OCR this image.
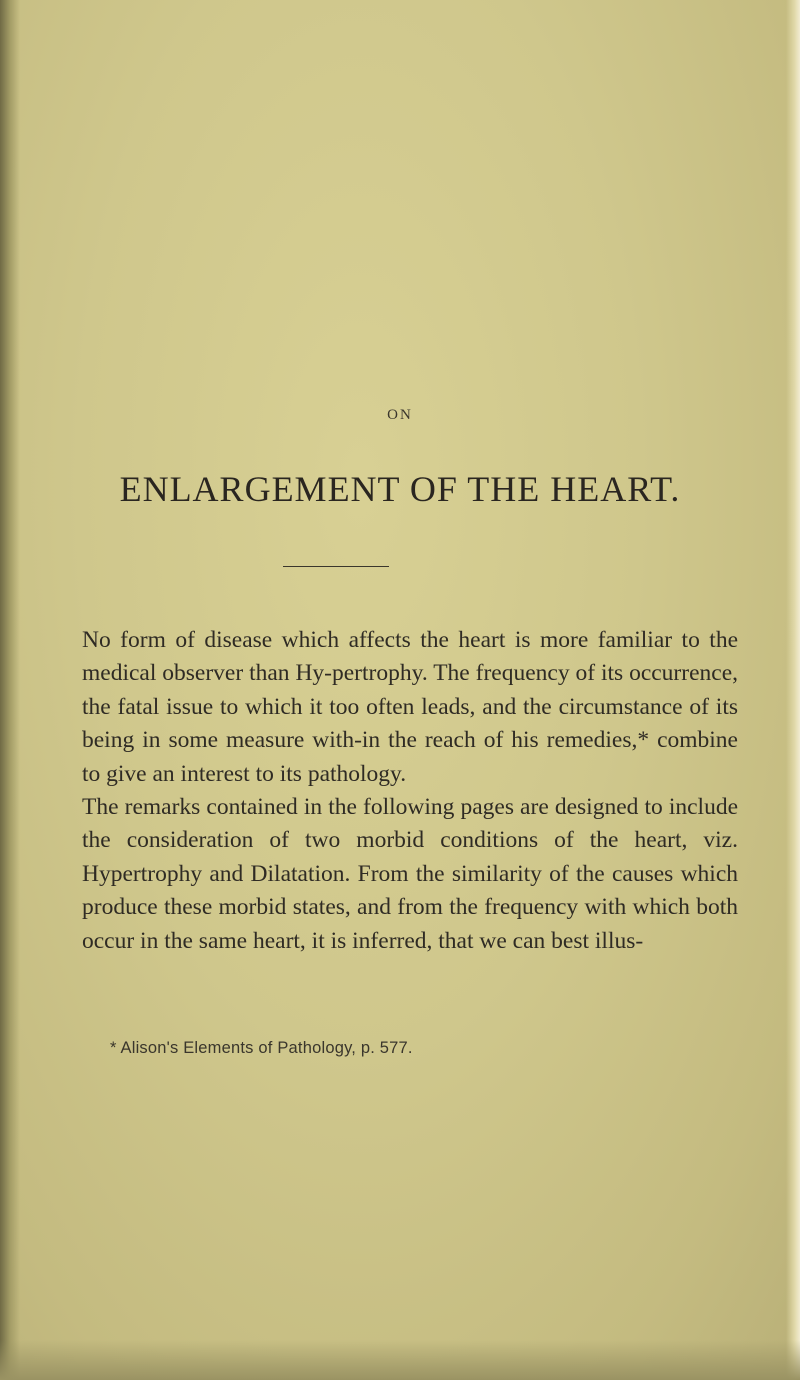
ON
ENLARGEMENT OF THE HEART.

No form of disease which affects the heart is more familiar to the medical observer than Hy-pertrophy. The frequency of its occurrence, the fatal issue to which it too often leads, and the circumstance of its being in some measure with-in the reach of his remedies,* combine to give an interest to its pathology.

The remarks contained in the following pages are designed to include the consideration of two morbid conditions of the heart, viz. Hypertrophy and Dilatation. From the similarity of the causes which produce these morbid states, and from the frequency with which both occur in the same heart, it is inferred, that we can best illus-

* Alison's Elements of Pathology, p. 577.
